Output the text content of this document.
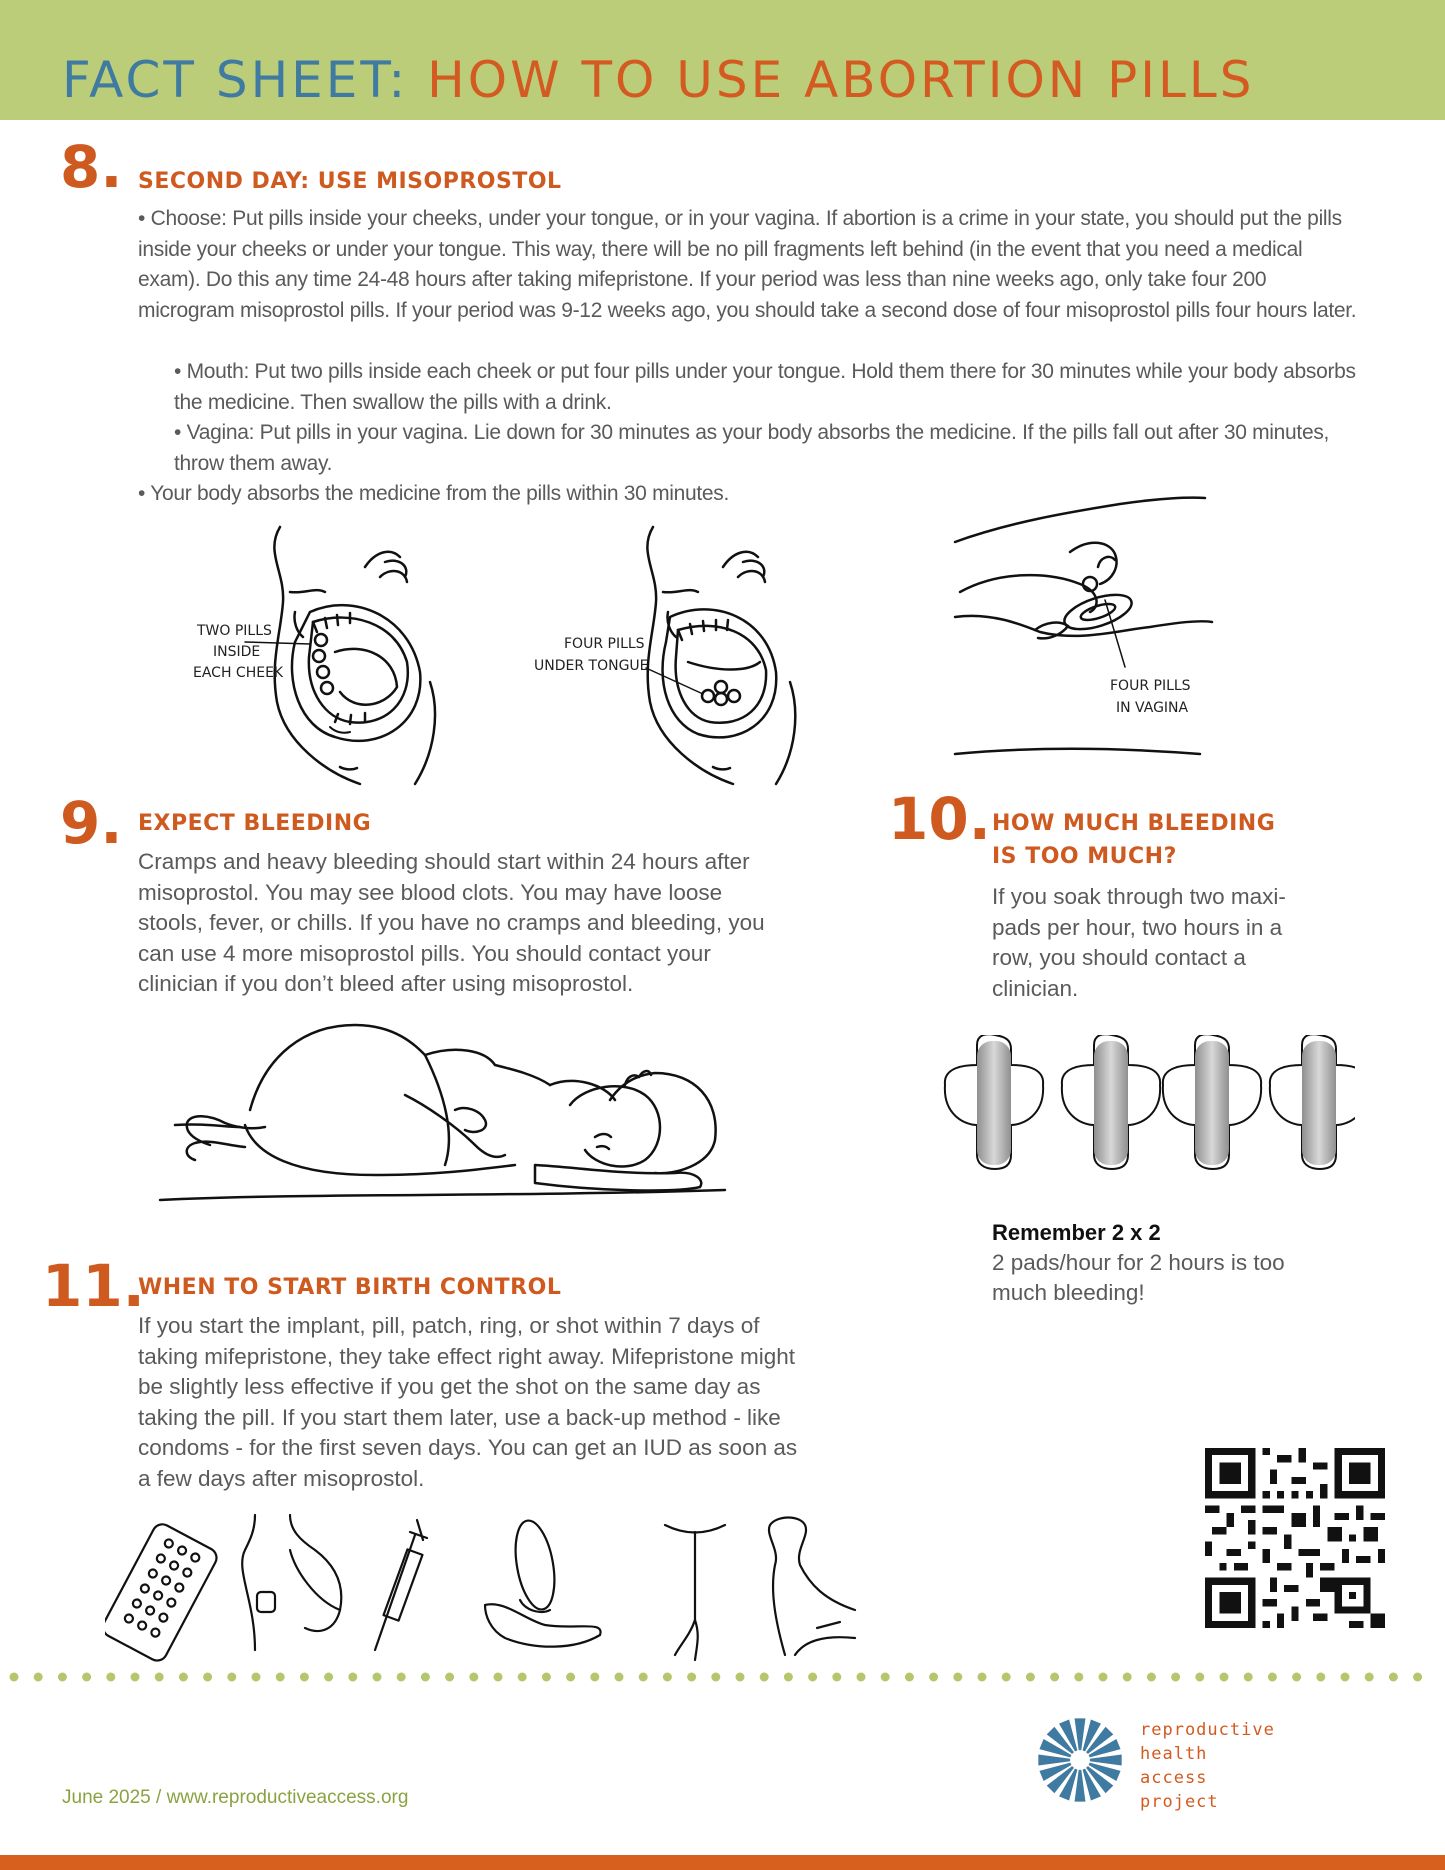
FACT SHEET: HOW TO USE ABORTION PILLS
8. SECOND DAY: USE MISOPROSTOL
• Choose: Put pills inside your cheeks, under your tongue, or in your vagina. If abortion is a crime in your state, you should put the pills inside your cheeks or under your tongue. This way, there will be no pill fragments left behind (in the event that you need a medical exam). Do this any time 24-48 hours after taking mifepristone. If your period was less than nine weeks ago, only take four 200 microgram misoprostol pills. If your period was 9-12 weeks ago, you should take a second dose of four misoprostol pills four hours later.
• Mouth: Put two pills inside each cheek or put four pills under your tongue. Hold them there for 30 minutes while your body absorbs the medicine. Then swallow the pills with a drink.
• Vagina: Put pills in your vagina. Lie down for 30 minutes as your body absorbs the medicine. If the pills fall out after 30 minutes, throw them away.
• Your body absorbs the medicine from the pills within 30 minutes.
TWO PILLS
INSIDE
EACH CHEEK
FOUR PILLS
UNDER TONGUE
FOUR PILLS
IN VAGINA
9. EXPECT BLEEDING
Cramps and heavy bleeding should start within 24 hours after misoprostol. You may see blood clots. You may have loose stools, fever, or chills. If you have no cramps and bleeding, you can use 4 more misoprostol pills. You should contact your clinician if you don’t bleed after using misoprostol.
10. HOW MUCH BLEEDING
IS TOO MUCH?
If you soak through two maxi-pads per hour, two hours in a row, you should contact a clinician.
Remember 2 x 2
2 pads/hour for 2 hours is too much bleeding!
11.
WHEN TO START BIRTH CONTROL
If you start the implant, pill, patch, ring, or shot within 7 days of taking mifepristone, they take effect right away. Mifepristone might be slightly less effective if you get the shot on the same day as taking the pill. If you start them later, use a back-up method - like condoms - for the first seven days. You can get an IUD as soon as a few days after misoprostol.
June 2025 / www.reproductiveaccess.org
reproductive
health
access
project
